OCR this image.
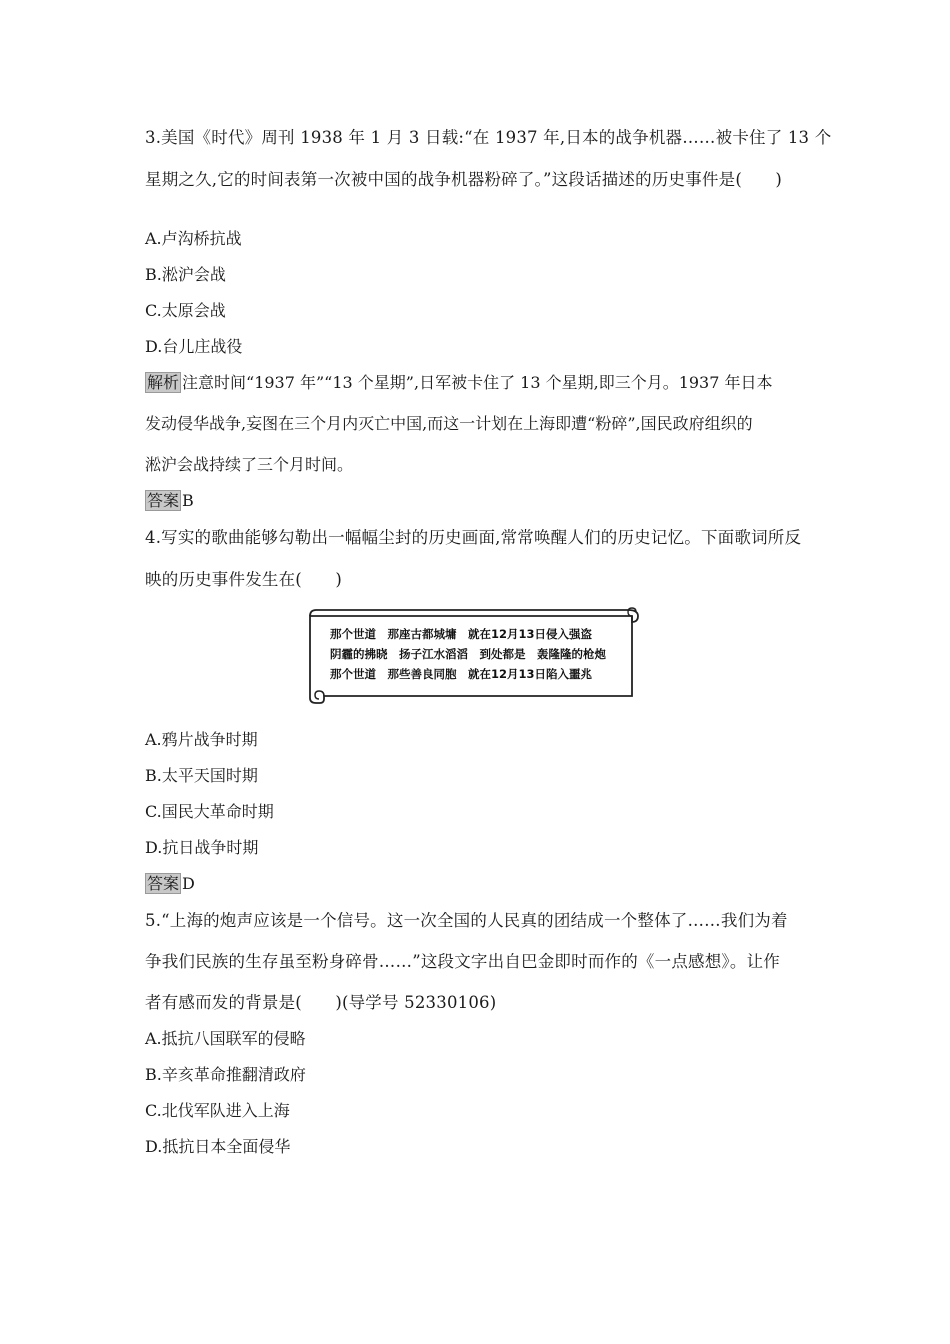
3.美国《时代》周刊 1938 年 1 月 3 日载:“在 1937 年,日本的战争机器……被卡住了 13 个
星期之久,它的时间表第一次被中国的战争机器粉碎了。”这段话描述的历史事件是(　　)
A.卢沟桥抗战
B.淞沪会战
C.太原会战
D.台儿庄战役
解析 注意时间“1937 年”“13 个星期”,日军被卡住了 13 个星期,即三个月。1937 年日本
发动侵华战争,妄图在三个月内灭亡中国,而这一计划在上海即遭“粉碎”,国民政府组织的
淞沪会战持续了三个月时间。
答案 B
4.写实的歌曲能够勾勒出一幅幅尘封的历史画面,常常唤醒人们的历史记忆。下面歌词所反
映的历史事件发生在(　　)
那个世道　那座古都城墉　就在12月13日侵入强盗
阴霾的拂晓　扬子江水滔滔　到处都是　轰隆隆的枪炮
那个世道　那些善良同胞　就在12月13日陷入噩兆
A.鸦片战争时期
B.太平天国时期
C.国民大革命时期
D.抗日战争时期
答案 D
5.“上海的炮声应该是一个信号。这一次全国的人民真的团结成一个整体了……我们为着
争我们民族的生存虽至粉身碎骨……”这段文字出自巴金即时而作的《一点感想》。让作
者有感而发的背景是(　　)(导学号 52330106)
A.抵抗八国联军的侵略
B.辛亥革命推翻清政府
C.北伐军队进入上海
D.抵抗日本全面侵华
